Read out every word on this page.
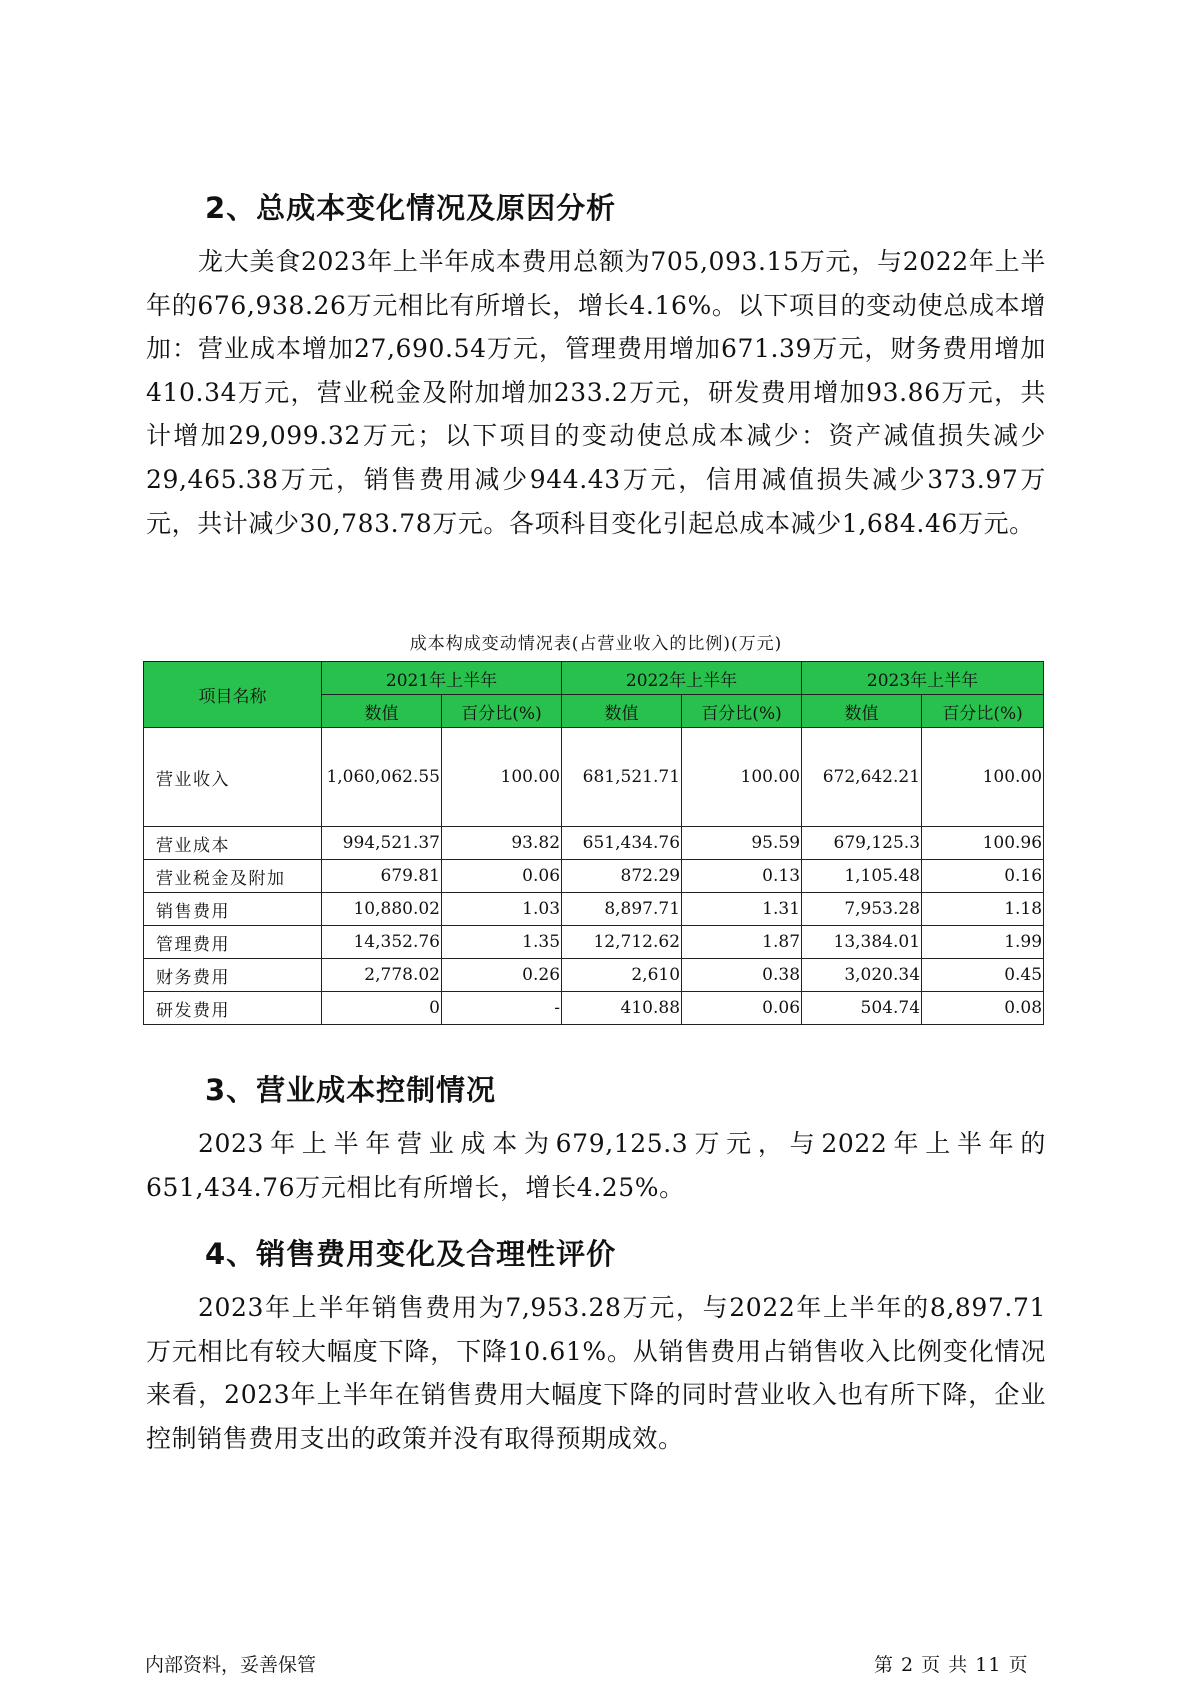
2、总成本变化情况及原因分析

龙大美食2023年上半年成本费用总额为705,093.15万元，与2022年上半年的676,938.26万元相比有所增长，增长4.16%。以下项目的变动使总成本增加：营业成本增加27,690.54万元，管理费用增加671.39万元，财务费用增加410.34万元，营业税金及附加增加233.2万元，研发费用增加93.86万元，共计增加29,099.32万元；以下项目的变动使总成本减少：资产减值损失减少29,465.38万元，销售费用减少944.43万元，信用减值损失减少373.97万元，共计减少30,783.78万元。各项科目变化引起总成本减少1,684.46万元。

成本构成变动情况表(占营业收入的比例)(万元)
项目名称	2021年上半年		2022年上半年		2023年上半年	
	数值	百分比(%)	数值	百分比(%)	数值	百分比(%)
营业收入	1,060,062.55	100.00	681,521.71	100.00	672,642.21	100.00
营业成本	994,521.37	93.82	651,434.76	95.59	679,125.3	100.96
营业税金及附加	679.81	0.06	872.29	0.13	1,105.48	0.16
销售费用	10,880.02	1.03	8,897.71	1.31	7,953.28	1.18
管理费用	14,352.76	1.35	12,712.62	1.87	13,384.01	1.99
财务费用	2,778.02	0.26	2,610	0.38	3,020.34	0.45
研发费用	0	-	410.88	0.06	504.74	0.08
3、营业成本控制情况

2023年上半年营业成本为679,125.3万元，与2022年上半年的651,434.76万元相比有所增长，增长4.25%。

4、销售费用变化及合理性评价

2023年上半年销售费用为7,953.28万元，与2022年上半年的8,897.71万元相比有较大幅度下降，下降10.61%。从销售费用占销售收入比例变化情况来看，2023年上半年在销售费用大幅度下降的同时营业收入也有所下降，企业控制销售费用支出的政策并没有取得预期成效。

内部资料，妥善保管	第 2 页 共 11 页
